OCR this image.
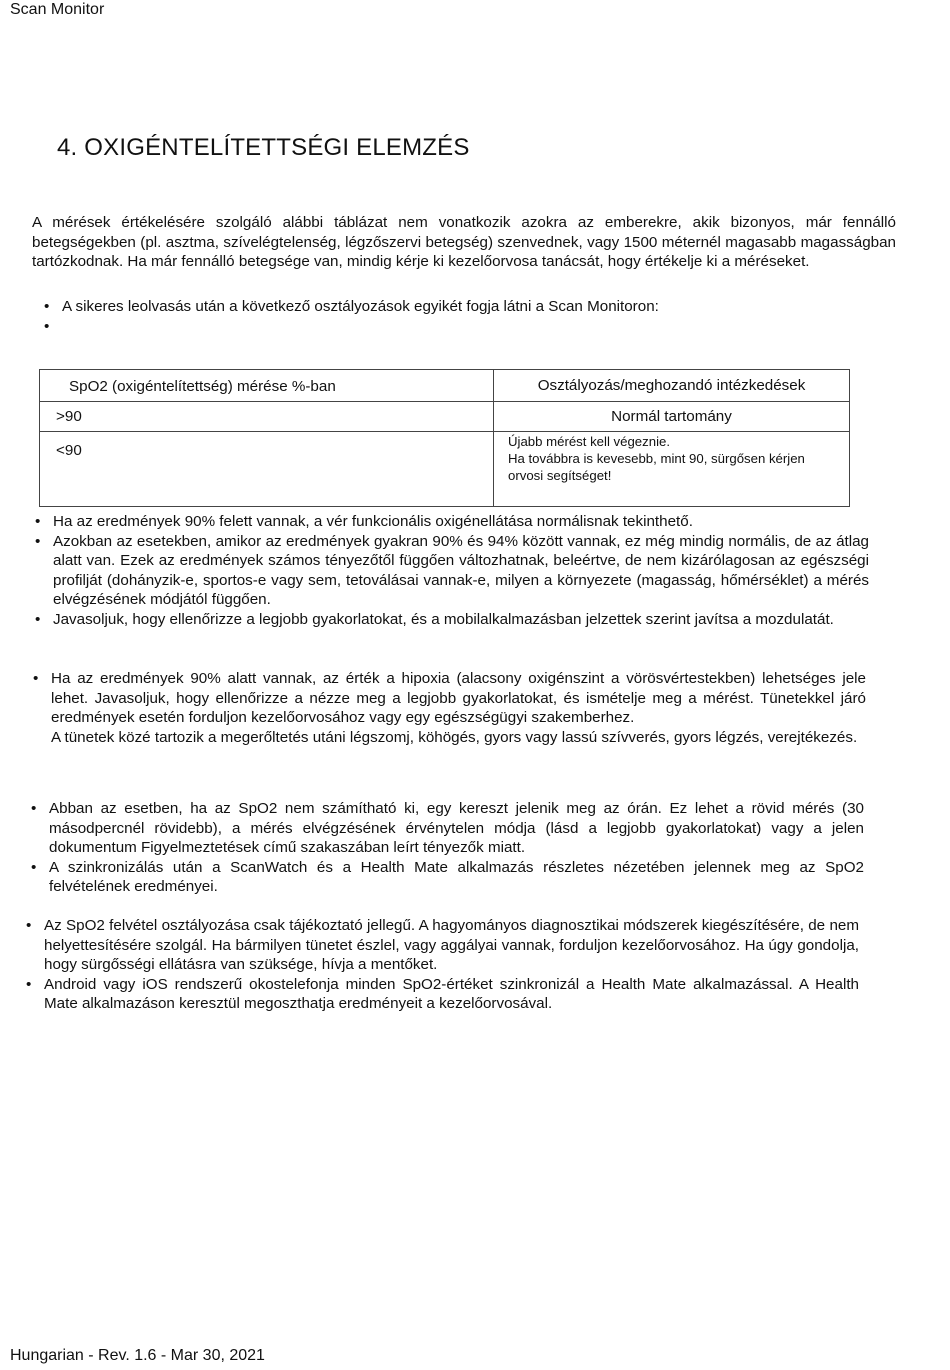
Scan Monitor
4. OXIGÉNTELÍTETTSÉGI ELEMZÉS

A mérések értékelésére szolgáló alábbi táblázat nem vonatkozik azokra az emberekre, akik bizonyos, már fennálló betegségekben (pl. asztma, szívelégtelenség, légzőszervi betegség) szenvednek, vagy 1500 méternél magasabb magasságban tartózkodnak. Ha már fennálló betegsége van, mindig kérje ki kezelőorvosa tanácsát, hogy értékelje ki a méréseket.

• A sikeres leolvasás után a következő osztályozások egyikét fogja látni a Scan Monitoron:
•
SpO2 (oxigéntelítettség) mérése %-ban	Osztályozás/meghozandó intézkedések
>90	Normál tartomány
<90	Újabb mérést kell végeznie.
Ha továbbra is kevesebb, mint 90, sürgősen kérjen orvosi segítséget!
• Ha az eredmények 90% felett vannak, a vér funkcionális oxigénellátása normálisnak tekinthető.
• Azokban az esetekben, amikor az eredmények gyakran 90% és 94% között vannak, ez még mindig normális, de az átlag alatt van. Ezek az eredmények számos tényezőtől függően változhatnak, beleértve, de nem kizárólagosan az egészségi profilját (dohányzik-e, sportos-e vagy sem, tetoválásai vannak-e, milyen a környezete (magasság, hőmérséklet) a mérés elvégzésének módjától függően.
• Javasoljuk, hogy ellenőrizze a legjobb gyakorlatokat, és a mobilalkalmazásban jelzettek szerint javítsa a mozdulatát.
• Ha az eredmények 90% alatt vannak, az érték a hipoxia (alacsony oxigénszint a vörösvértestekben) lehetséges jele lehet. Javasoljuk, hogy ellenőrizze a nézze meg a legjobb gyakorlatokat, és ismételje meg a mérést. Tünetekkel járó eredmények esetén forduljon kezelőorvosához vagy egy egészségügyi szakemberhez.
A tünetek közé tartozik a megerőltetés utáni légszomj, köhögés, gyors vagy lassú szívverés, gyors légzés, verejtékezés.
• Abban az esetben, ha az SpO2 nem számítható ki, egy kereszt jelenik meg az órán. Ez lehet a rövid mérés (30 másodpercnél rövidebb), a mérés elvégzésének érvénytelen módja (lásd a legjobb gyakorlatokat) vagy a jelen dokumentum Figyelmeztetések című szakaszában leírt tényezők miatt.
• A szinkronizálás után a ScanWatch és a Health Mate alkalmazás részletes nézetében jelennek meg az SpO2 felvételének eredményei.
• Az SpO2 felvétel osztályozása csak tájékoztató jellegű. A hagyományos diagnosztikai módszerek kiegészítésére, de nem helyettesítésére szolgál. Ha bármilyen tünetet észlel, vagy aggályai vannak, forduljon kezelőorvosához. Ha úgy gondolja, hogy sürgősségi ellátásra van szüksége, hívja a mentőket.
• Android vagy iOS rendszerű okostelefonja minden SpO2-értéket szinkronizál a Health Mate alkalmazással. A Health Mate alkalmazáson keresztül megoszthatja eredményeit a kezelőorvosával.
Hungarian - Rev. 1.6 - Mar 30, 2021
